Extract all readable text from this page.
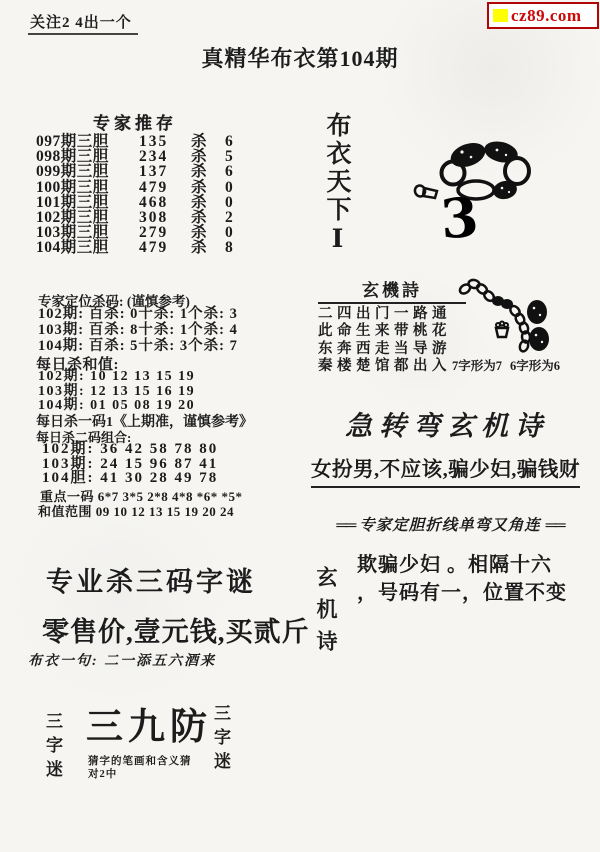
关注2 4出一个	cz89.com
真精华布衣第104期
专家推存
097期三胆	135	杀	6
098期三胆	234	杀	5
099期三胆	137	杀	6
100期三胆	479	杀	0
101期三胆	468	杀	0
102期三胆	308	杀	2
103期三胆	279	杀	0
104期三胆	479	杀	8
专家定位杀码: (谨慎参考)
102期: 百杀: 0十杀: 1个杀: 3
103期: 百杀: 8十杀: 1个杀: 4
104期: 百杀: 5十杀: 3个杀: 7
每日杀和值:
102期: 10 12 13 15 19
103期: 12 13 15 16 19
104期: 01 05 08 19 20
每日杀一码1《上期准，谨慎参考》
每日杀二码组合:
102期: 36 42 58 78 80
103期: 24 15 96 87 41
104胆: 41 30 28 49 78
重点一码 6*7 3*5 2*8 4*8 *6* *5*
和值范围 09 10 12 13 15 19 20 24
专业杀三码字谜
零售价,壹元钱,买贰斤
布衣一句: 二一添五六酒来
三字迷 三九防
猜字的笔画和含义猜
对2中	三字迷
布衣天下Ⅰ 3
玄機詩
二四出门一路通
此命生来带桃花
东奔西走当导游
秦楼楚馆都出入 7字形为7 6字形为6
急转弯玄机诗
女扮男,不应该,骗少妇,骗钱财
══ 专家定胆折线单弯又角连 ══
玄机诗
欺骗少妇 。相隔十六
，号码有一，位置不变
